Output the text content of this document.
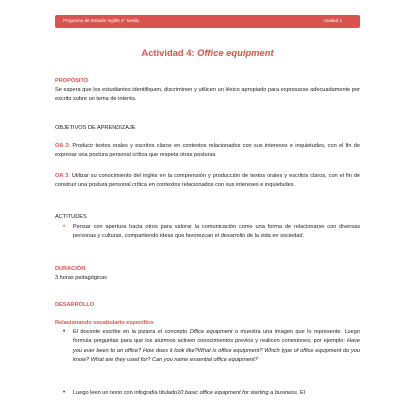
Programa de Estudio Inglés 4° Medio	Unidad 1
Actividad 4: Office equipment
PROPÓSITO
Se espera que los estudiantes identifiquen, discriminen y utilicen un léxico apropiado para expresarse adecuadamente por escrito sobre un tema de interés.
OBJETIVOS DE APRENDIZAJE
OA 2: Producir textos orales y escritos claros en contextos relacionados con sus intereses e inquietudes, con el fin de expresar una postura personal crítica que respeta otras posturas
OA 3: Utilizar su conocimiento del inglés en la comprensión y producción de textos orales y escritos claros, con el fin de construir una postura personal crítica en contextos relacionados con sus intereses e inquietudes.
ACTITUDES
• Pensar con apertura hacia otros para valorar la comunicación como una forma de relacionarse con diversas personas y culturas, compartiendo ideas que favorezcan el desarrollo de la vida en sociedad.
DURACIÓN
3 horas pedagógicas
DESARROLLO
Relacionando vocabulario específico
• El docente escribe en la pizarra el concepto Office equipment o muestra una imagen que lo represente. Luego formula preguntas para que los alumnos activen conocimientos previos y realicen conexiones; por ejemplo: Have you ever been to an office? How does it look like?What is office equipment? Which type of office equipment do you know? What are they used for? Can you name essential office equipment?
• Luego leen un texto con infografía titulado10 basic office equipment for starting a business. El
